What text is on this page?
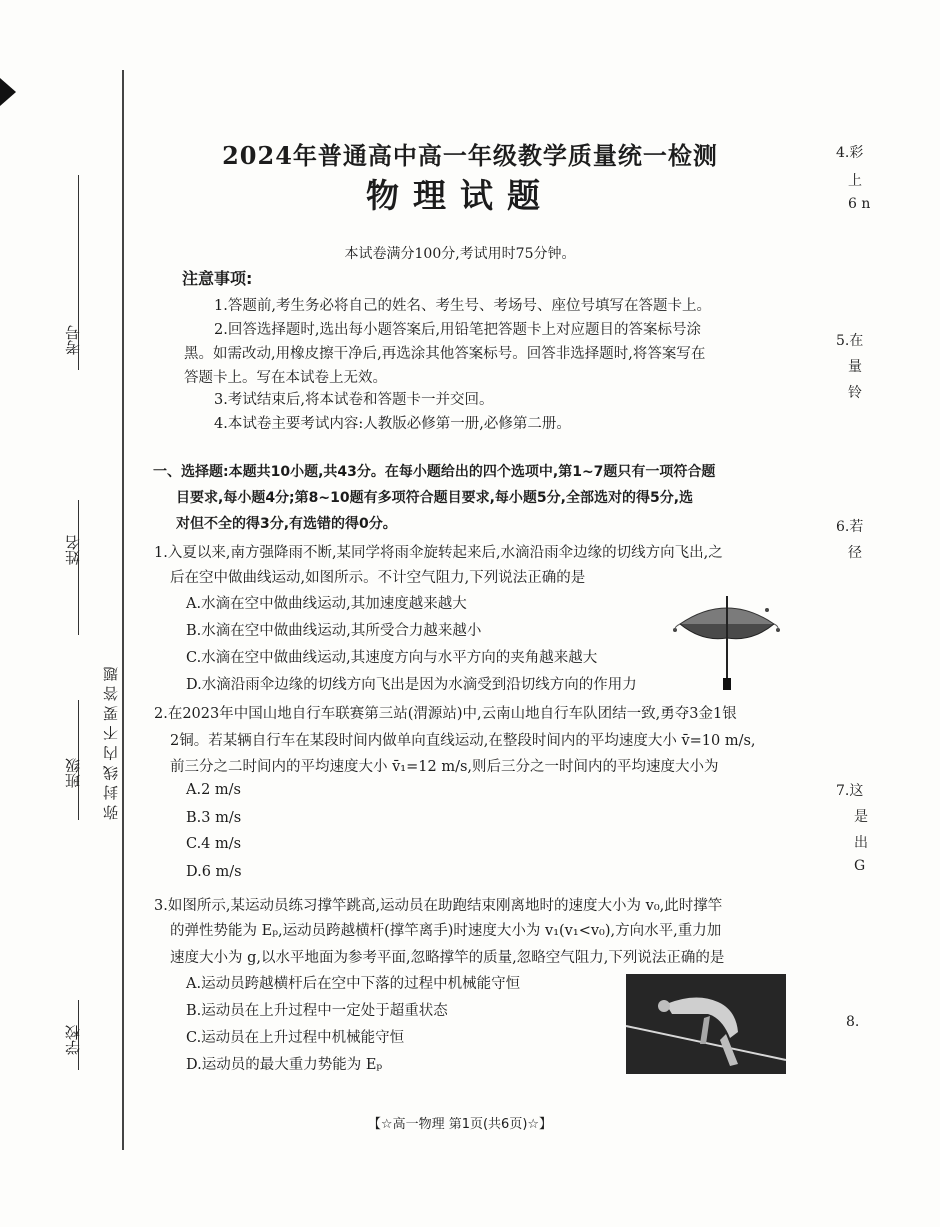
考号
姓名
班级
学校
弥 封 线 内 不 要 答 题
4.彩
上
6 n
5.在
量
铃
6.若
径
7.这
是
出
G
8.
2024年普通高中高一年级教学质量统一检测
物理试题
本试卷满分100分,考试用时75分钟。
注意事项:
1.答题前,考生务必将自己的姓名、考生号、考场号、座位号填写在答题卡上。
2.回答选择题时,选出每小题答案后,用铅笔把答题卡上对应题目的答案标号涂
黑。如需改动,用橡皮擦干净后,再选涂其他答案标号。回答非选择题时,将答案写在
答题卡上。写在本试卷上无效。
3.考试结束后,将本试卷和答题卡一并交回。
4.本试卷主要考试内容:人教版必修第一册,必修第二册。
一、选择题:本题共10小题,共43分。在每小题给出的四个选项中,第1~7题只有一项符合题
目要求,每小题4分;第8~10题有多项符合题目要求,每小题5分,全部选对的得5分,选
对但不全的得3分,有选错的得0分。
1.入夏以来,南方强降雨不断,某同学将雨伞旋转起来后,水滴沿雨伞边缘的切线方向飞出,之
后在空中做曲线运动,如图所示。不计空气阻力,下列说法正确的是
A.水滴在空中做曲线运动,其加速度越来越大
B.水滴在空中做曲线运动,其所受合力越来越小
C.水滴在空中做曲线运动,其速度方向与水平方向的夹角越来越大
D.水滴沿雨伞边缘的切线方向飞出是因为水滴受到沿切线方向的作用力
2.在2023年中国山地自行车联赛第三站(渭源站)中,云南山地自行车队团结一致,勇夺3金1银
2铜。若某辆自行车在某段时间内做单向直线运动,在整段时间内的平均速度大小 v̄=10 m/s,
前三分之二时间内的平均速度大小 v̄₁=12 m/s,则后三分之一时间内的平均速度大小为
A.2 m/s
B.3 m/s
C.4 m/s
D.6 m/s
3.如图所示,某运动员练习撑竿跳高,运动员在助跑结束刚离地时的速度大小为 v₀,此时撑竿
的弹性势能为 Eₚ,运动员跨越横杆(撑竿离手)时速度大小为 v₁(v₁<v₀),方向水平,重力加
速度大小为 g,以水平地面为参考平面,忽略撑竿的质量,忽略空气阻力,下列说法正确的是
A.运动员跨越横杆后在空中下落的过程中机械能守恒
B.运动员在上升过程中一定处于超重状态
C.运动员在上升过程中机械能守恒
D.运动员的最大重力势能为 Eₚ
【☆高一物理 第1页(共6页)☆】
